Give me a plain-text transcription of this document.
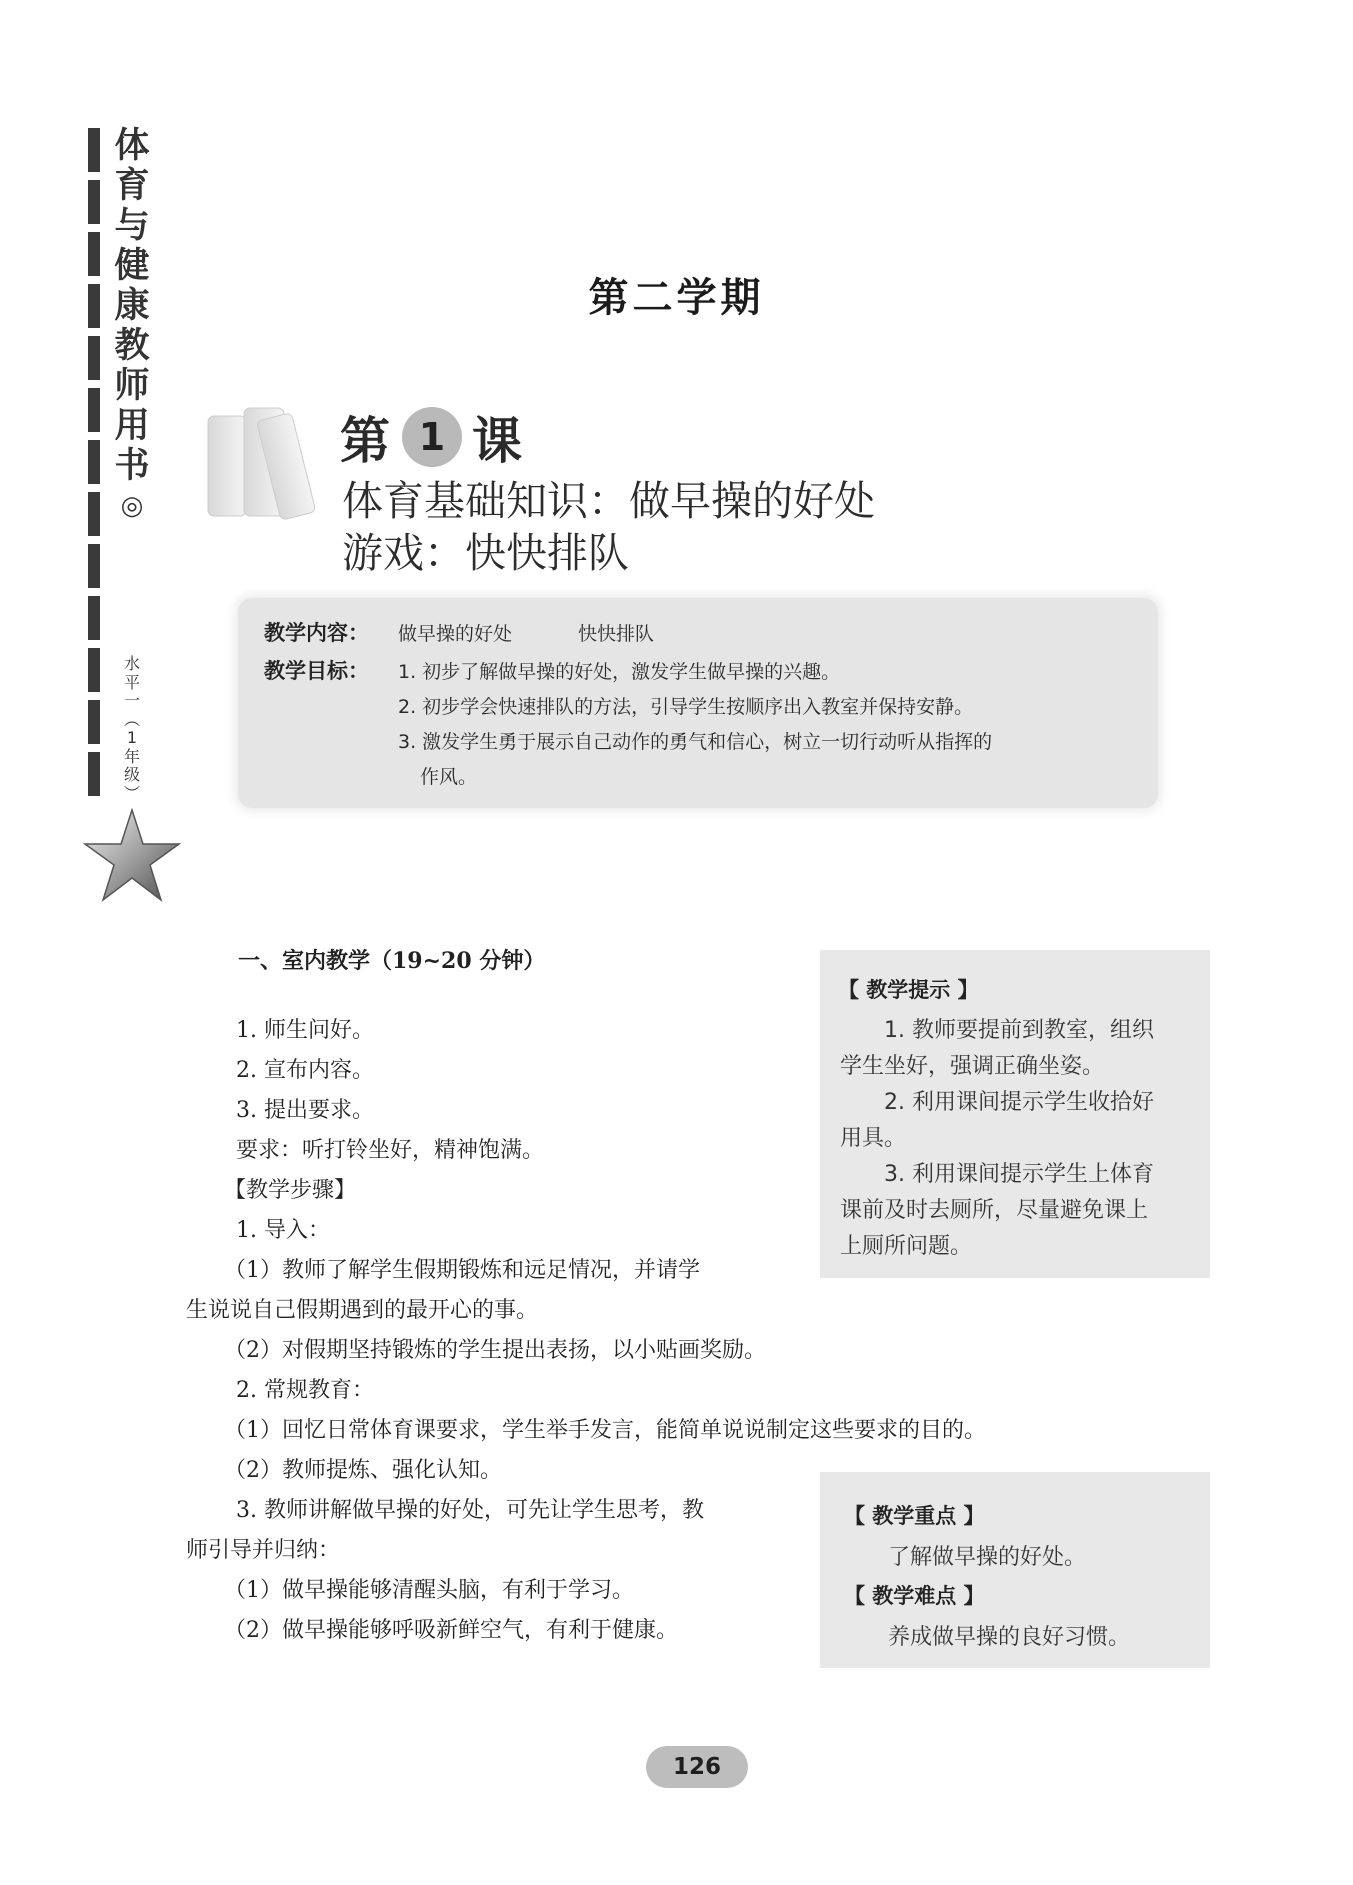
体
育
与
健
康
教
师
用
书
◎
水
平
一
︵
1
年
级
︶
第二学期
第 1 课
体育基础知识：做早操的好处
游戏：快快排队
教学内容： 做早操的好处	快快排队
教学目标： 1. 初步了解做早操的好处，激发学生做早操的兴趣。
2. 初步学会快速排队的方法，引导学生按顺序出入教室并保持安静。
3. 激发学生勇于展示自己动作的勇气和信心，树立一切行动听从指挥的
作风。
一、室内教学（19~20 分钟）
1. 师生问好。
2. 宣布内容。
3. 提出要求。
要求：听打铃坐好，精神饱满。
【教学步骤】
1. 导入：
（1）教师了解学生假期锻炼和远足情况，并请学
生说说自己假期遇到的最开心的事。
（2）对假期坚持锻炼的学生提出表扬，以小贴画奖励。
2. 常规教育：
（1）回忆日常体育课要求，学生举手发言，能简单说说制定这些要求的目的。
（2）教师提炼、强化认知。
3. 教师讲解做早操的好处，可先让学生思考，教
师引导并归纳：
（1）做早操能够清醒头脑，有利于学习。
（2）做早操能够呼吸新鲜空气，有利于健康。
【 教学提示 】
1. 教师要提前到教室，组织
学生坐好，强调正确坐姿。
2. 利用课间提示学生收拾好
用具。
3. 利用课间提示学生上体育
课前及时去厕所，尽量避免课上
上厕所问题。
【 教学重点 】
了解做早操的好处。
【 教学难点 】
养成做早操的良好习惯。
126
